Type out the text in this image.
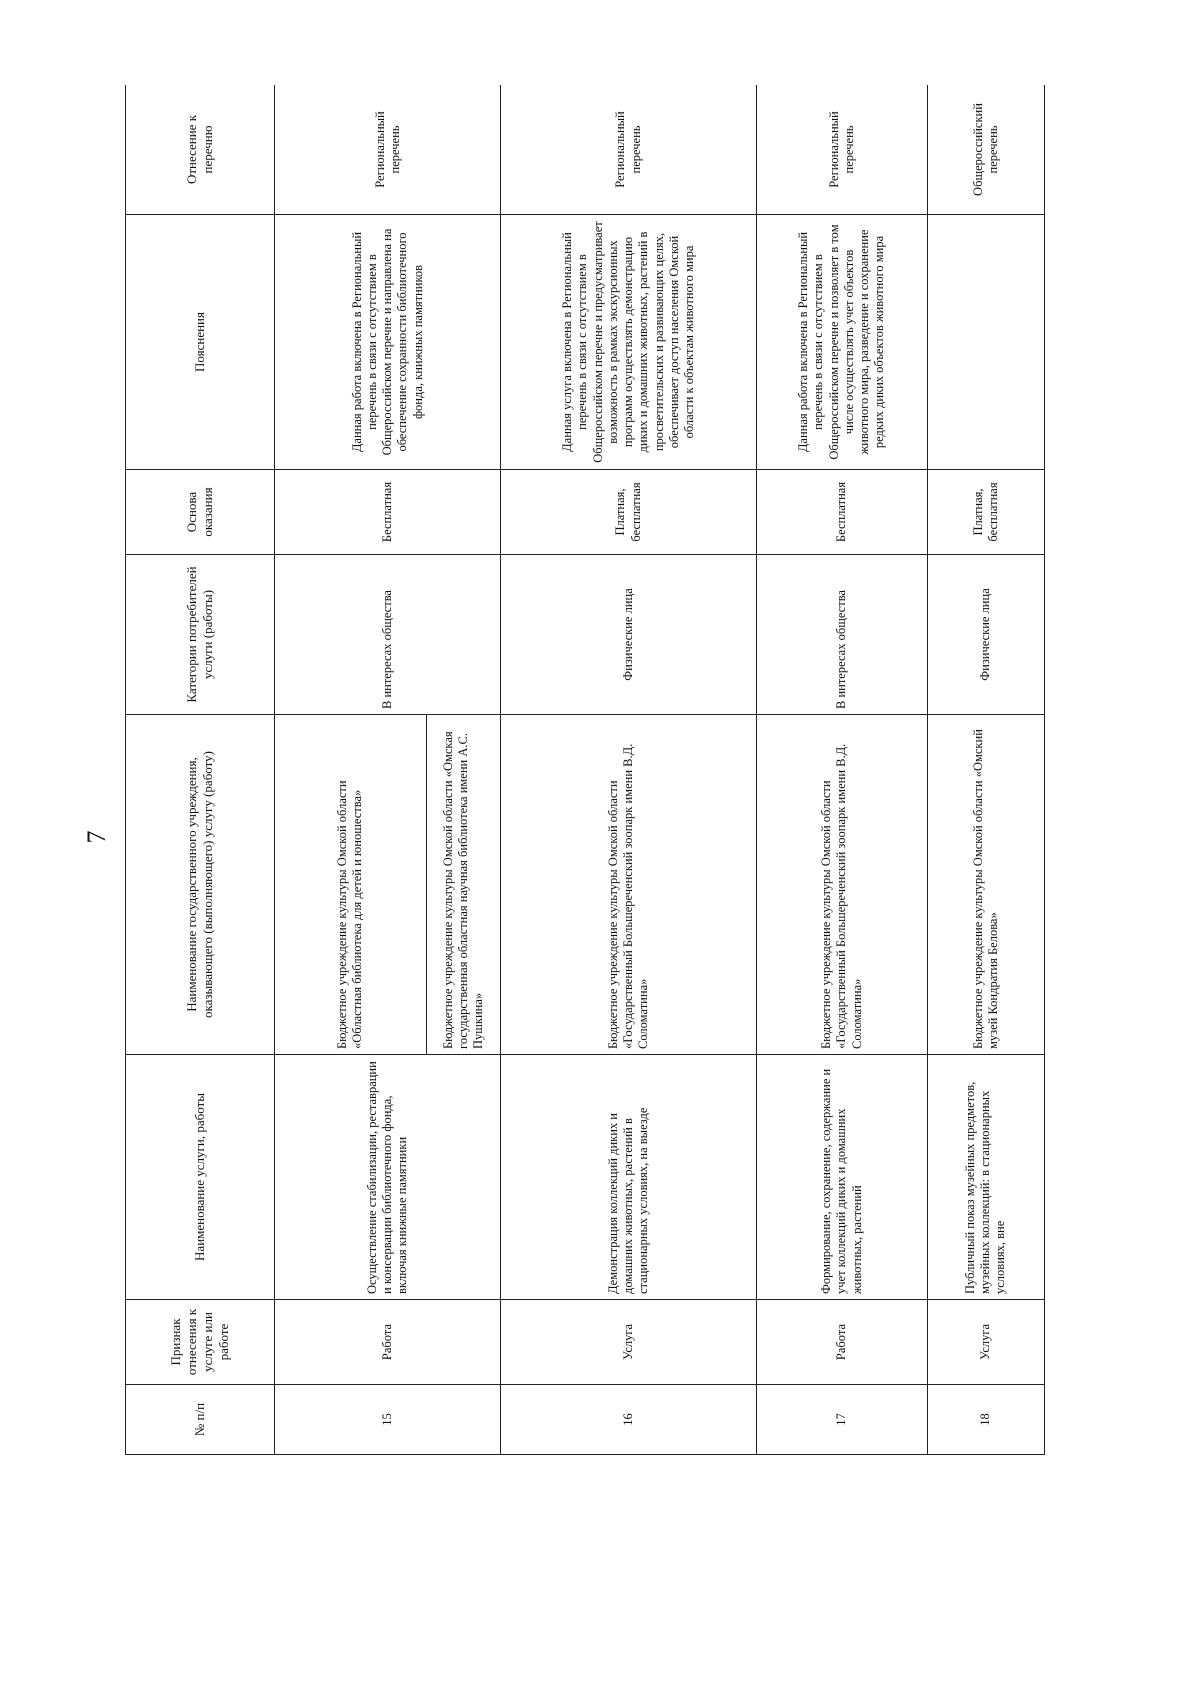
7
№ п/п	Признак отнесения к услуге или работе	Наименование услуги, работы	Наименование государственного учреждения, оказывающего (выполняющего) услугу (работу)	Категории потребителей услуги (работы)	Основа оказания	Пояснения	Отнесение к перечню
15	Работа	Осуществление стабилизации, реставрации и консервации библиотечного фонда, включая книжные памятники	Бюджетное учреждение культуры Омской области «Областная библиотека для детей и юношества»	В интересах общества	Бесплатная	Данная работа включена в Региональный перечень в связи с отсутствием в Общероссийском перечне и направлена на обеспечение сохранности библиотечного фонда, книжных памятников	Региональный перечень
			Бюджетное учреждение культуры Омской области «Омская государственная областная научная библиотека имени А.С. Пушкина»				
16	Услуга	Демонстрация коллекций диких и домашних животных, растений в стационарных условиях, на выезде	Бюджетное учреждение культуры Омской области «Государственный Большереченский зоопарк имени В.Д. Соломатина»	Физические лица	Платная, бесплатная	Данная услуга включена в Региональный перечень в связи с отсутствием в Общероссийском перечне и предусматривает возможность в рамках экскурсионных программ осуществлять демонстрацию диких и домашних животных, растений в просветительских и развивающих целях, обеспечивает доступ населения Омской области к объектам животного мира	Региональный перечень
17	Работа	Формирование, сохранение, содержание и учет коллекций диких и домашних животных, растений	Бюджетное учреждение культуры Омской области «Государственный Большереченский зоопарк имени В.Д. Соломатина»	В интересах общества	Бесплатная	Данная работа включена в Региональный перечень в связи с отсутствием в Общероссийском перечне и позволяет в том числе осуществлять учет объектов животного мира, разведение и сохранение редких диких объектов животного мира	Региональный перечень
18	Услуга	Публичный показ музейных предметов, музейных коллекций: в стационарных условиях, вне	Бюджетное учреждение культуры Омской области «Омский музей Кондратия Белова»	Физические лица	Платная, бесплатная		Общероссийский перечень
